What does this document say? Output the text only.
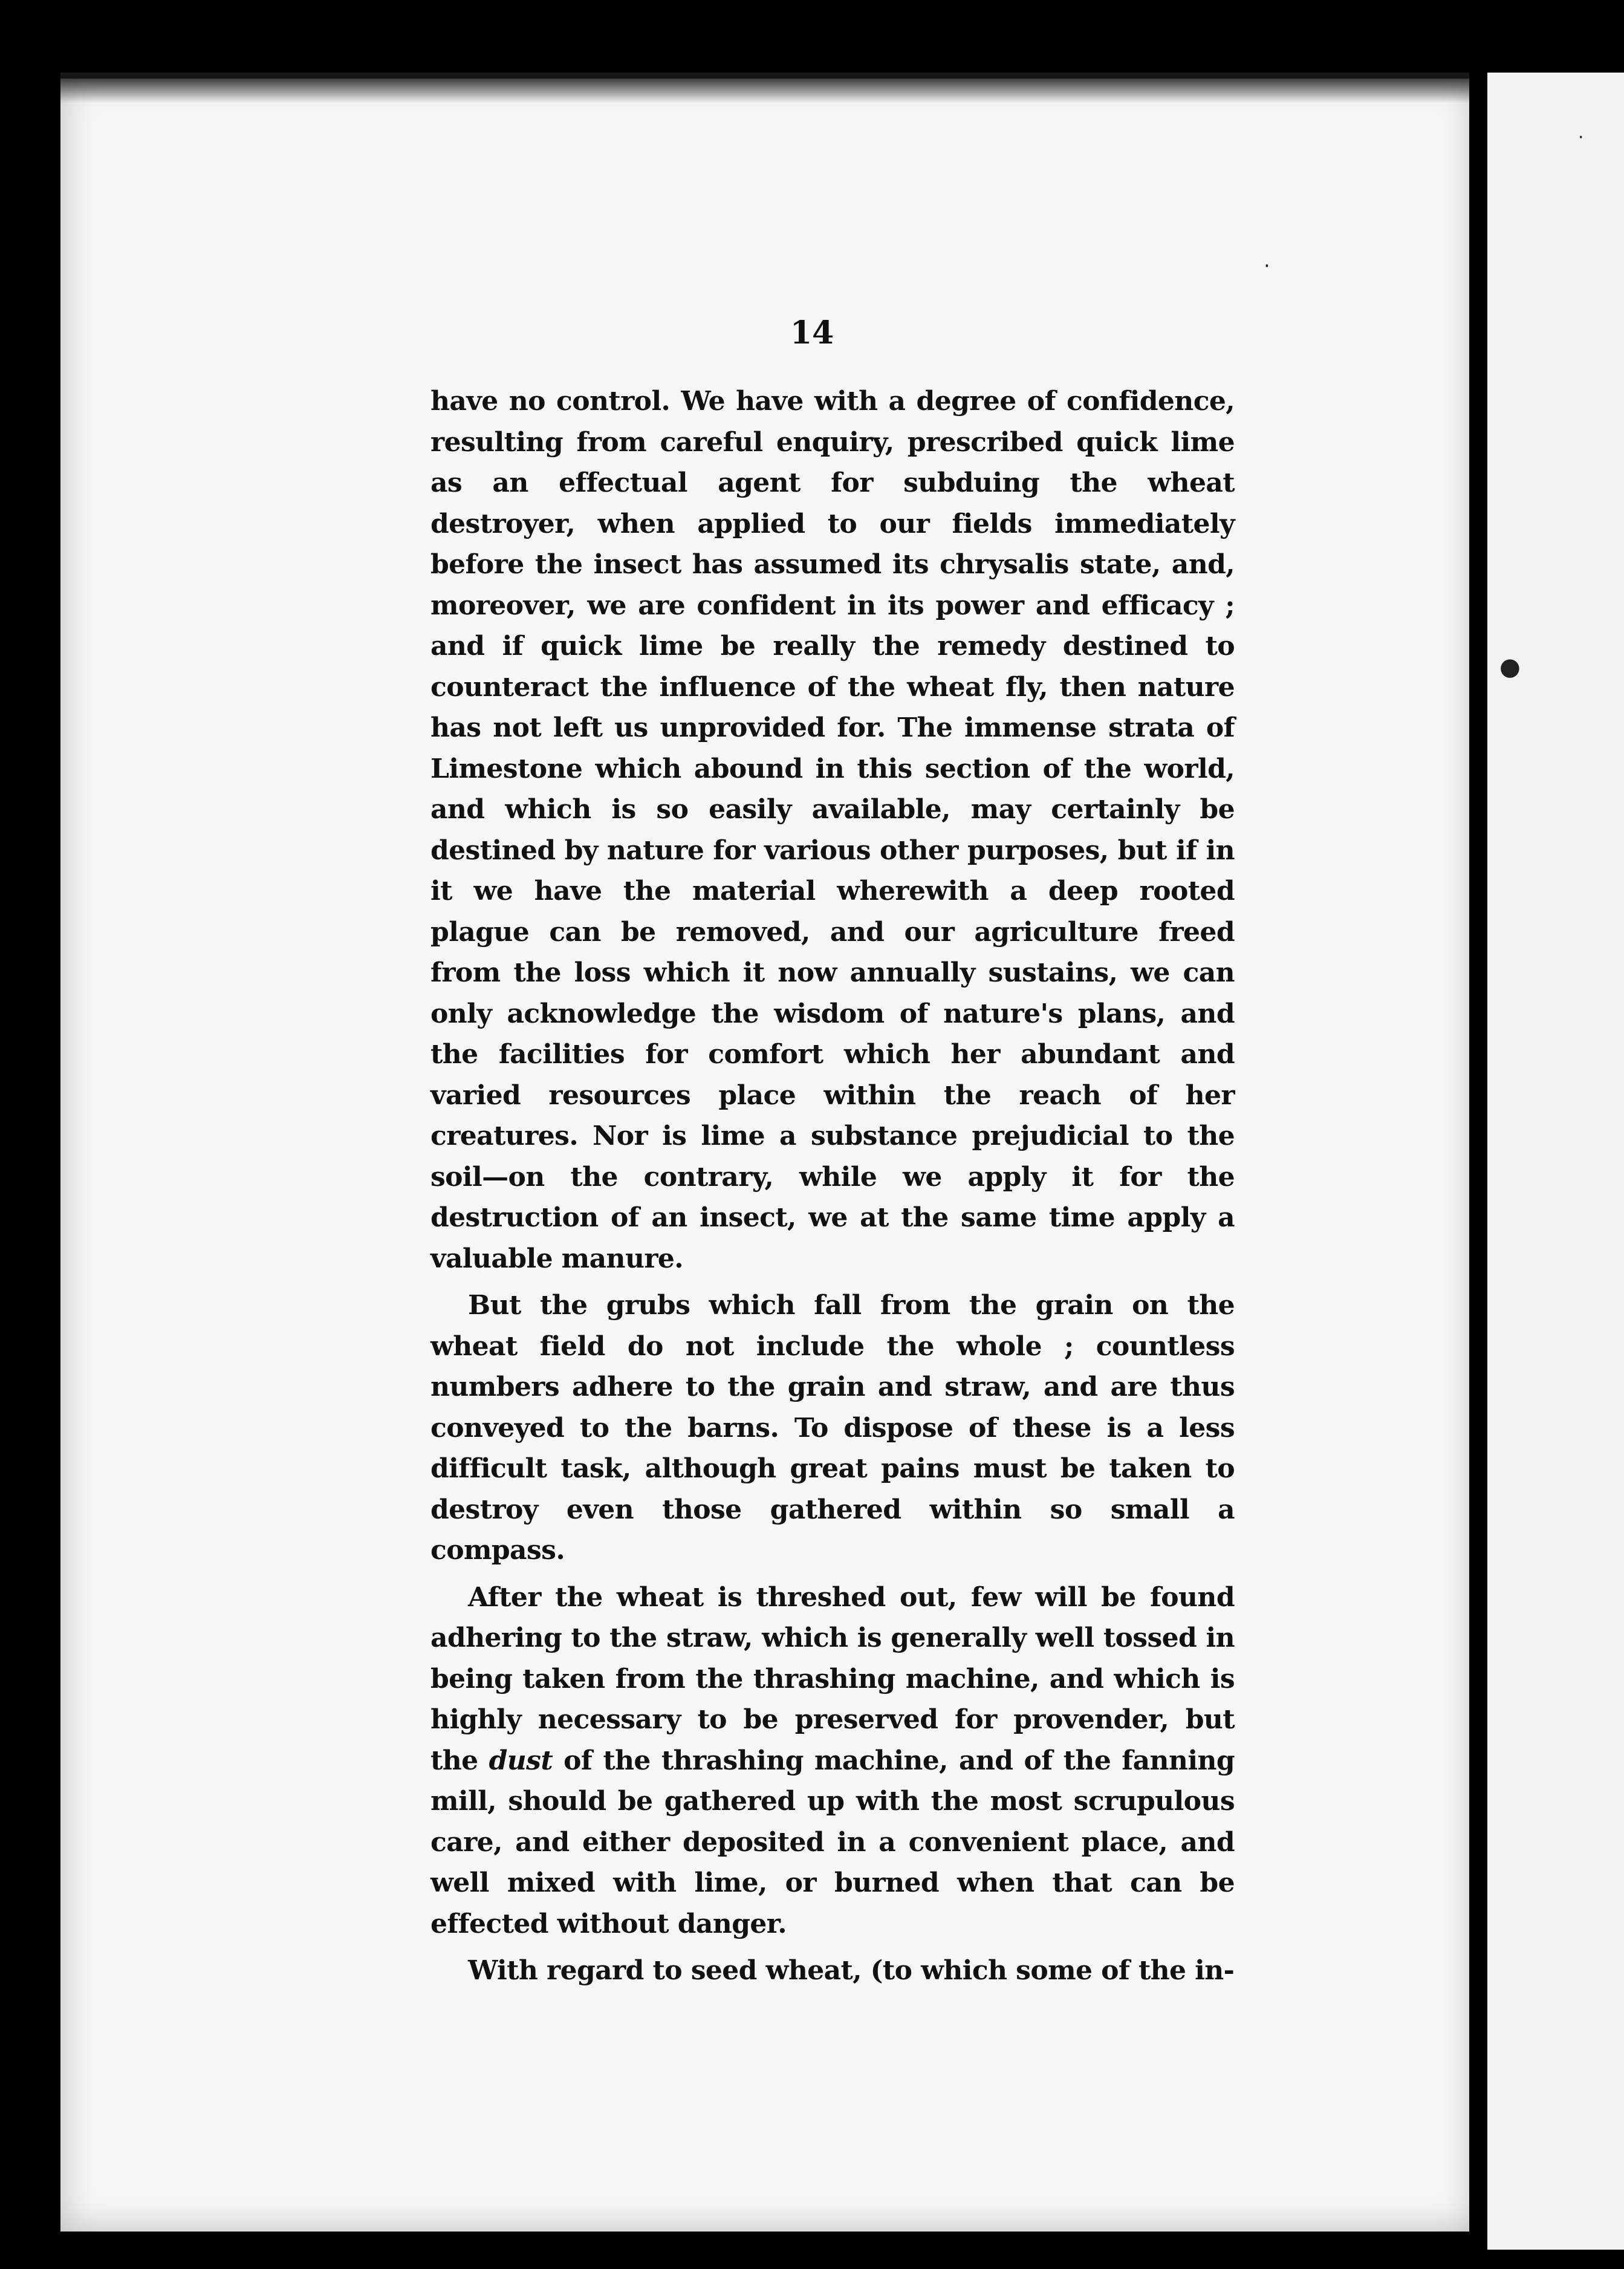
·
·
●
14

have no control. We have with a degree of confidence, resulting from careful enquiry, prescribed quick lime as an effectual agent for subduing the wheat destroyer, when applied to our fields immediately before the insect has assumed its chrysalis state, and, moreover, we are confident in its power and efficacy ; and if quick lime be really the remedy destined to counteract the influence of the wheat fly, then nature has not left us unprovided for. The immense strata of Limestone which abound in this section of the world, and which is so easily available, may certainly be destined by nature for various other purposes, but if in it we have the material wherewith a deep rooted plague can be removed, and our agriculture freed from the loss which it now annually sustains, we can only acknowledge the wisdom of nature's plans, and the facilities for comfort which her abundant and varied resources place within the reach of her creatures. Nor is lime a substance prejudicial to the soil—on the contrary, while we apply it for the destruction of an insect, we at the same time apply a valuable manure.

But the grubs which fall from the grain on the wheat field do not include the whole ; countless numbers adhere to the grain and straw, and are thus conveyed to the barns. To dispose of these is a less difficult task, although great pains must be taken to destroy even those gathered within so small a compass.

After the wheat is threshed out, few will be found adhering to the straw, which is generally well tossed in being taken from the thrashing machine, and which is highly necessary to be preserved for provender, but the dust of the thrashing machine, and of the fanning mill, should be gathered up with the most scrupulous care, and either deposited in a convenient place, and well mixed with lime, or burned when that can be effected without danger.

With regard to seed wheat, (to which some of the in-
